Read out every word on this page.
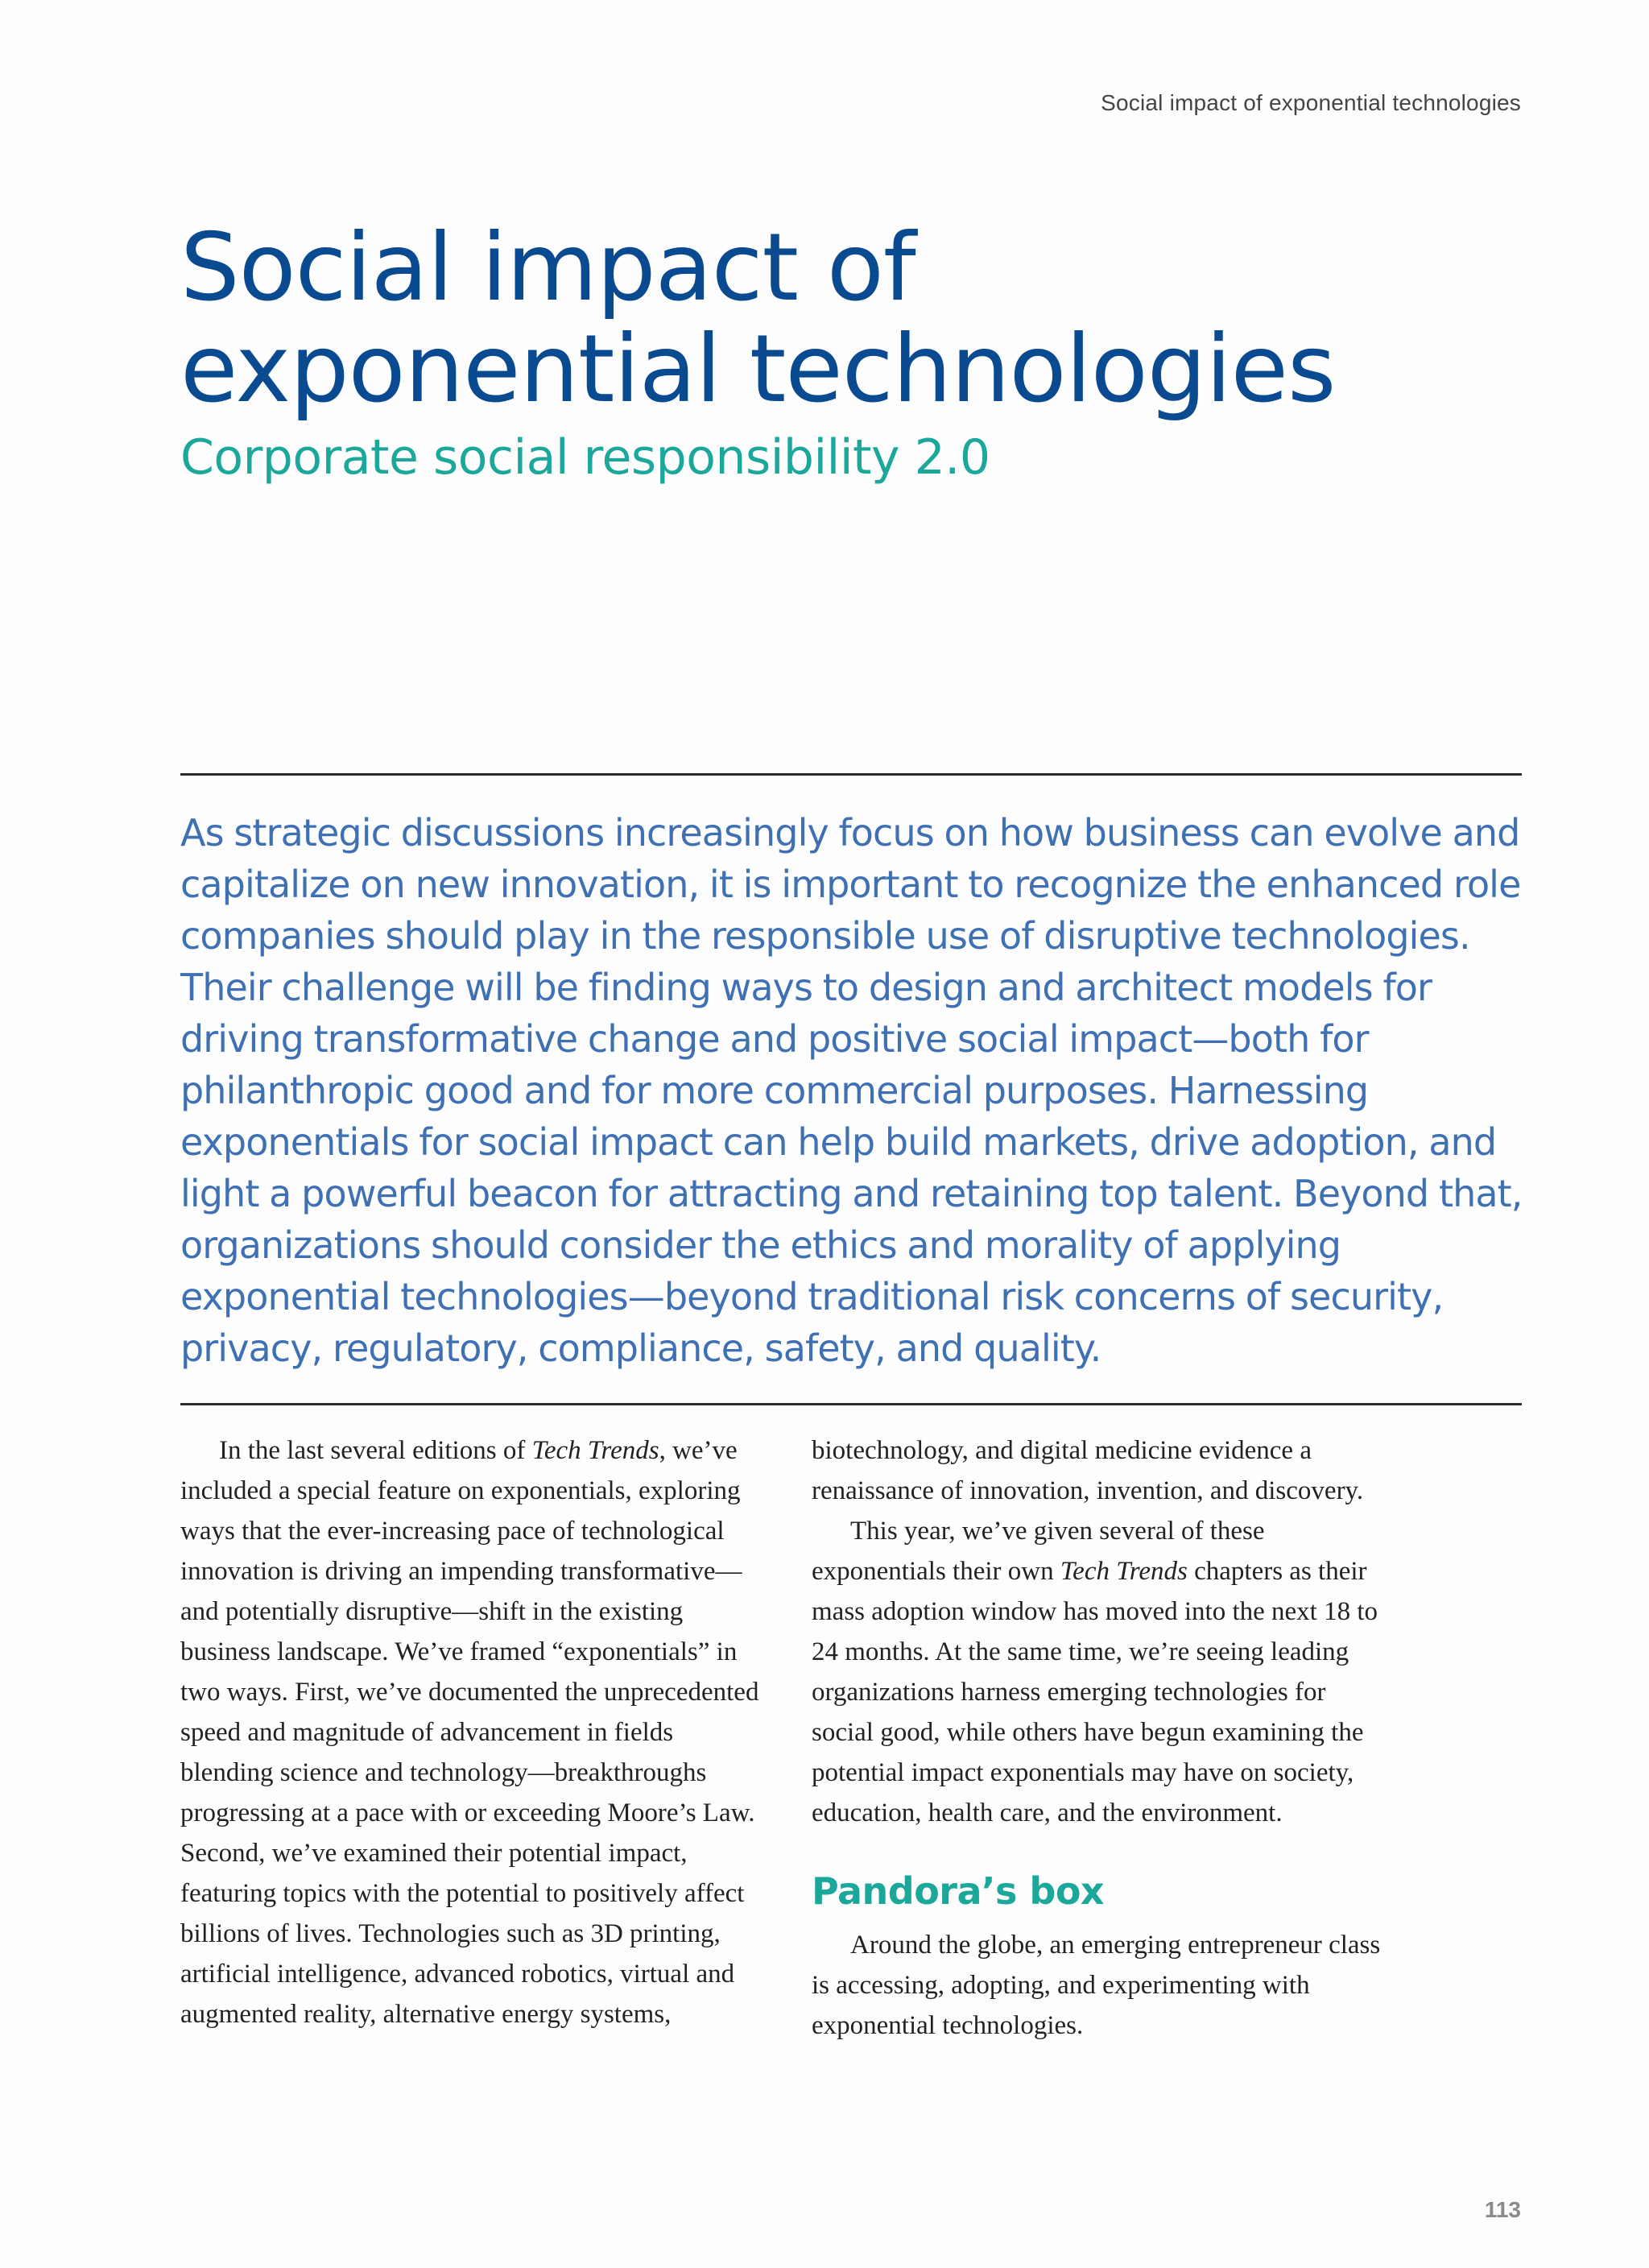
Social impact of exponential technologies
Social impact of
exponential technologies
Corporate social responsibility 2.0

As strategic discussions increasingly focus on how business can evolve and capitalize on new innovation, it is important to recognize the enhanced role companies should play in the responsible use of disruptive technologies. Their challenge will be finding ways to design and architect models for driving transformative change and positive social impact—both for philanthropic good and for more commercial purposes. Harnessing exponentials for social impact can help build markets, drive adoption, and light a powerful beacon for attracting and retaining top talent. Beyond that, organizations should consider the ethics and morality of applying exponential technologies—beyond traditional risk concerns of security, privacy, regulatory, compliance, safety, and quality.

In the last several editions of Tech Trends, we’ve included a special feature on exponentials, exploring ways that the ever-increasing pace of technological innovation is driving an impending transformative—and potentially disruptive—shift in the existing business landscape. We’ve framed “exponentials” in two ways. First, we’ve documented the unprecedented speed and magnitude of advancement in fields blending science and technology—breakthroughs progressing at a pace with or exceeding Moore’s Law. Second, we’ve examined their potential impact, featuring topics with the potential to positively affect billions of lives. Technologies such as 3D printing, artificial intelligence, advanced robotics, virtual and augmented reality, alternative energy systems,

biotechnology, and digital medicine evidence a renaissance of innovation, invention, and discovery.

This year, we’ve given several of these exponentials their own Tech Trends chapters as their mass adoption window has moved into the next 18 to 24 months. At the same time, we’re seeing leading organizations harness emerging technologies for social good, while others have begun examining the potential impact exponentials may have on society, education, health care, and the environment.

Pandora’s box

Around the globe, an emerging entrepreneur class is accessing, adopting, and experimenting with exponential technologies.

113
